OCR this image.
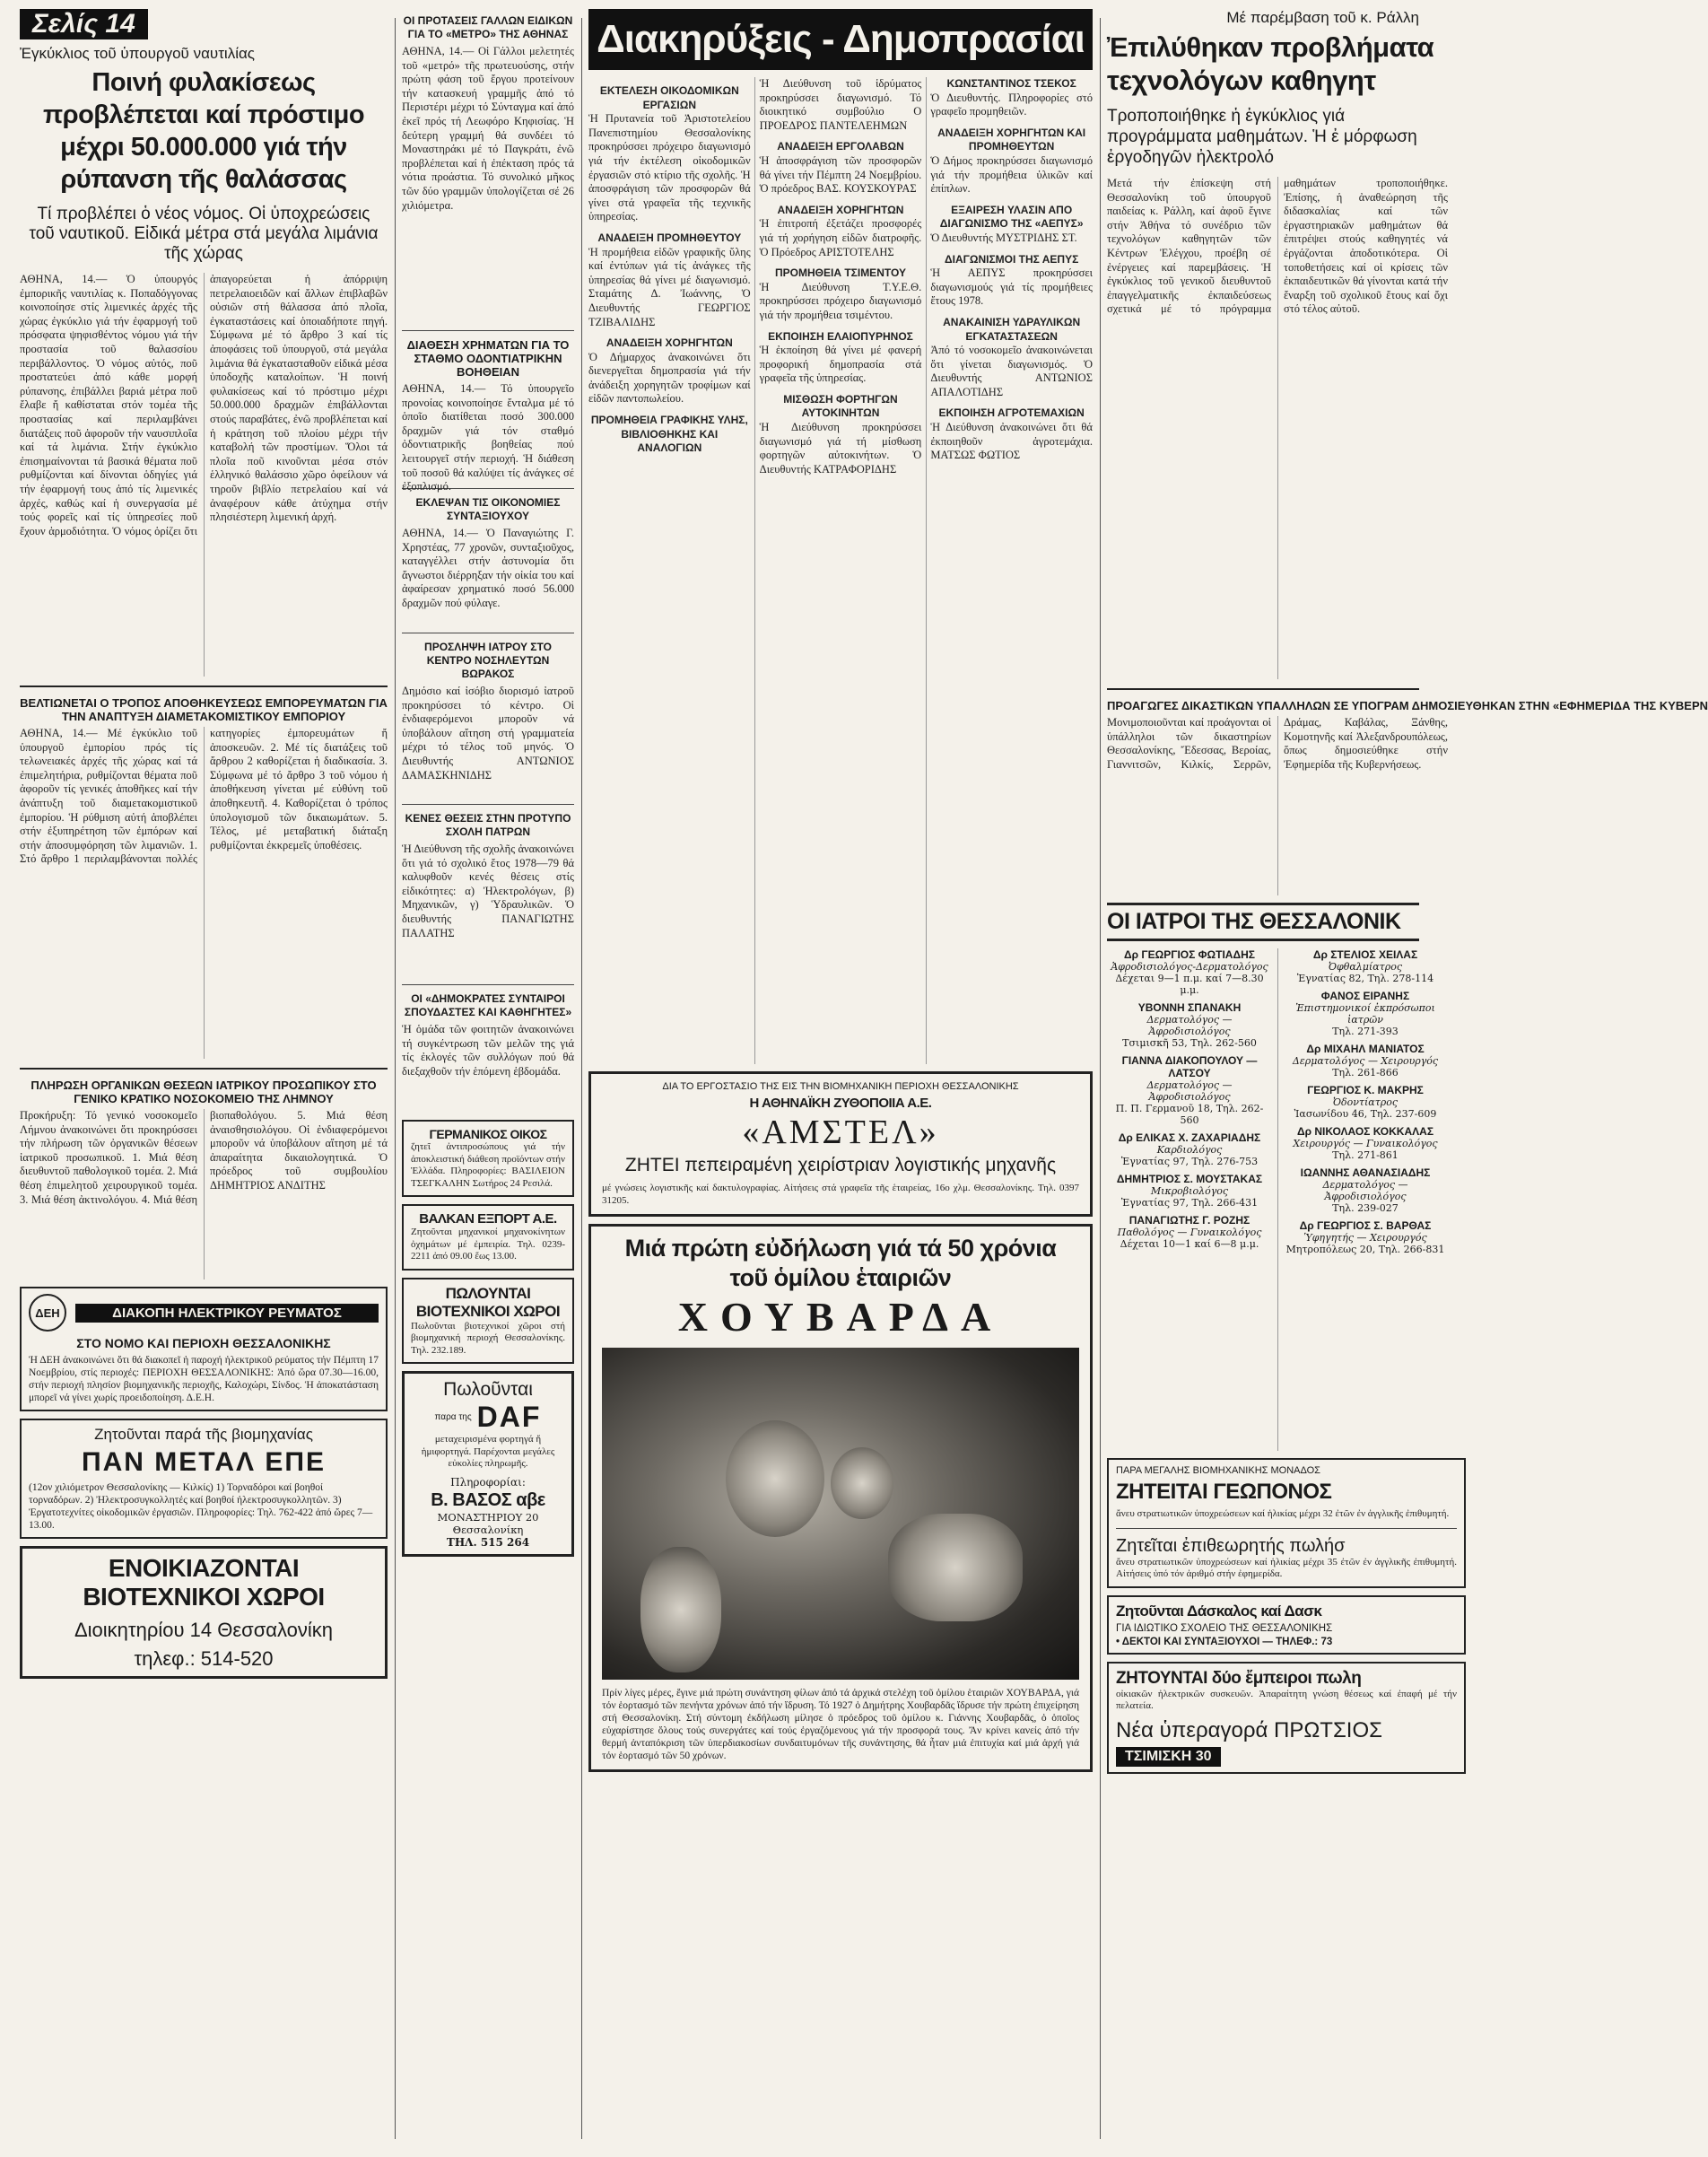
Σελίς 14
Ἐγκύκλιος τοῦ ὑπουργοῦ ναυτιλίας
Ποινή φυλακίσεως προβλέπεται καί πρόστιμο μέχρι 50.000.000 γιά τήν ρύπανση τῆς θαλάσσας
Τί προβλέπει ὁ νέος νόμος. Οἱ ὑποχρεώσεις τοῦ ναυτικοῦ. Εἰδικά μέτρα στά μεγάλα λιμάνια τῆς χώρας
ΑΘΗΝΑ, 14.— Ὁ ὑπουργός ἐμπορικῆς ναυτιλίας κ. Ποπαδόγγονας κοινοποίησε στίς λιμενικές ἀρχές τῆς χώρας ἐγκύκλιο γιά τήν ἐφαρμογή τοῦ πρόσφατα ψηφισθέντος νόμου γιά τήν προστασία τοῦ θαλασσίου περιβάλλοντος. Ὁ νόμος αὐτός, ποῦ προστατεύει ἀπό κάθε μορφή ρύπανσης, ἐπιβάλλει βαριά μέτρα ποῦ ἔλαβε ἤ καθίσταται στόν τομέα τῆς προστασίας καί περιλαμβάνει διατάξεις ποῦ ἀφοροῦν τήν ναυσιπλοΐα καί τά λιμάνια. Στήν ἐγκύκλιο ἐπισημαίνονται τά βασικά θέματα ποῦ ρυθμίζονται καί δίνονται ὁδηγίες γιά τήν ἐφαρμογή τους ἀπό τίς λιμενικές ἀρχές, καθώς καί ἡ συνεργασία μέ τούς φορεῖς καί τίς ὑπηρεσίες ποῦ ἔχουν ἁρμοδιότητα. Ὁ νόμος ὁρίζει ὅτι ἀπαγορεύεται ἡ ἀπόρριψη πετρελαιοειδῶν καί ἄλλων ἐπιβλαβῶν οὐσιῶν στή θάλασσα ἀπό πλοῖα, ἐγκαταστάσεις καί ὁποιαδήποτε πηγή. Σύμφωνα μέ τό ἄρθρο 3 καί τίς ἀποφάσεις τοῦ ὑπουργοῦ, στά μεγάλα λιμάνια θά ἐγκατασταθοῦν εἰδικά μέσα ὑποδοχῆς καταλοίπων. Ἡ ποινή φυλακίσεως καί τό πρόστιμο μέχρι 50.000.000 δραχμῶν ἐπιβάλλονται στούς παραβάτες, ἐνῶ προβλέπεται καί ἡ κράτηση τοῦ πλοίου μέχρι τήν καταβολή τῶν προστίμων. Ὅλοι τά πλοῖα ποῦ κινοῦνται μέσα στόν ἑλληνικό θαλάσσιο χῶρο ὀφείλουν νά τηροῦν βιβλίο πετρελαίου καί νά ἀναφέρουν κάθε ἀτύχημα στήν πλησιέστερη λιμενική ἀρχή.
ΒΕΛΤΙΩΝΕΤΑΙ Ο ΤΡΟΠΟΣ ΑΠΟΘΗΚΕΥΣΕΩΣ ΕΜΠΟΡΕΥΜΑΤΩΝ ΓΙΑ ΤΗΝ ΑΝΑΠΤΥΞΗ ΔΙΑΜΕΤΑΚΟΜΙΣΤΙΚΟΥ ΕΜΠΟΡΙΟΥ
ΑΘΗΝΑ, 14.— Μέ ἐγκύκλιο τοῦ ὑπουργοῦ ἐμπορίου πρός τίς τελωνειακές ἀρχές τῆς χώρας καί τά ἐπιμελητήρια, ρυθμίζονται θέματα ποῦ ἀφοροῦν τίς γενικές ἀποθῆκες καί τήν ἀνάπτυξη τοῦ διαμετακομιστικοῦ ἐμπορίου. Ἡ ρύθμιση αὐτή ἀποβλέπει στήν ἐξυπηρέτηση τῶν ἐμπόρων καί στήν ἀποσυμφόρηση τῶν λιμανιῶν. 1. Στό ἄρθρο 1 περιλαμβάνονται πολλές κατηγορίες ἐμπορευμάτων ἤ ἀποσκευῶν. 2. Μέ τίς διατάξεις τοῦ ἄρθρου 2 καθορίζεται ἡ διαδικασία. 3. Σύμφωνα μέ τό ἄρθρο 3 τοῦ νόμου ἡ ἀποθήκευση γίνεται μέ εὐθύνη τοῦ ἀποθηκευτῆ. 4. Καθορίζεται ὁ τρόπος ὑπολογισμοῦ τῶν δικαιωμάτων. 5. Τέλος, μέ μεταβατική διάταξη ρυθμίζονται ἐκκρεμεῖς ὑποθέσεις.
ΠΛΗΡΩΣΗ ΟΡΓΑΝΙΚΩΝ ΘΕΣΕΩΝ ΙΑΤΡΙΚΟΥ ΠΡΟΣΩΠΙΚΟΥ ΣΤΟ ΓΕΝΙΚΟ ΚΡΑΤΙΚΟ ΝΟΣΟΚΟΜΕΙΟ ΤΗΣ ΛΗΜΝΟΥ
Προκήρυξη: Τό γενικό νοσοκομεῖο Λήμνου ἀνακοινώνει ὅτι προκηρύσσει τήν πλήρωση τῶν ὀργανικῶν θέσεων ἰατρικοῦ προσωπικοῦ. 1. Μιά θέση διευθυντοῦ παθολογικοῦ τομέα. 2. Μιά θέση ἐπιμελητοῦ χειρουργικοῦ τομέα. 3. Μιά θέση ἀκτινολόγου. 4. Μιά θέση βιοπαθολόγου. 5. Μιά θέση ἀναισθησιολόγου. Οἱ ἐνδιαφερόμενοι μποροῦν νά ὑποβάλουν αἴτηση μέ τά ἀπαραίτητα δικαιολογητικά. Ὁ πρόεδρος τοῦ συμβουλίου ΔΗΜΗΤΡΙΟΣ ΑΝΔΙΤΗΣ
ΔΕΗ	ΔΙΑΚΟΠΗ ΗΛΕΚΤΡΙΚΟΥ ΡΕΥΜΑΤΟΣ
ΣΤΟ ΝΟΜΟ ΚΑΙ ΠΕΡΙΟΧΗ ΘΕΣΣΑΛΟΝΙΚΗΣ
Ἡ ΔΕΗ ἀνακοινώνει ὅτι θά διακοπεῖ ἡ παροχή ἠλεκτρικοῦ ρεύματος τήν Πέμπτη 17 Νοεμβρίου, στίς περιοχές: ΠΕΡΙΟΧΗ ΘΕΣΣΑΛΟΝΙΚΗΣ: Ἀπό ὥρα 07.30—16.00, στήν περιοχή πλησίον βιομηχανικῆς περιοχῆς, Καλοχώρι, Σίνδος. Ἡ ἀποκατάσταση μπορεῖ νά γίνει χωρίς προειδοποίηση. Δ.Ε.Η.
Ζητοῦνται παρά τῆς βιομηχανίας
ΠΑΝ ΜΕΤΑΛ ΕΠΕ
(12ον χιλιόμετρον Θεσσαλονίκης — Κιλκίς) 1) Τορναδόροι καί βοηθοί τορναδόρων. 2) Ἠλεκτροσυγκολλητές καί βοηθοί ἠλεκτροσυγκολλητῶν. 3) Ἐργατοτεχνίτες οἰκοδομικῶν ἐργασιῶν. Πληροφορίες: Τηλ. 762-422 ἀπό ὥρες 7—13.00.
ΕΝΟΙΚΙΑΖΟΝΤΑΙ ΒΙΟΤΕΧΝΙΚΟΙ ΧΩΡΟΙ
Διοικητηρίου 14 Θεσσαλονίκη
τηλεφ.: 514-520
ΟΙ ΠΡΟΤΑΣΕΙΣ ΓΑΛΛΩΝ ΕΙΔΙΚΩΝ ΓΙΑ ΤΟ «ΜΕΤΡΟ» ΤΗΣ ΑΘΗΝΑΣ
ΑΘΗΝΑ, 14.— Οἱ Γάλλοι μελετητές τοῦ «μετρό» τῆς πρωτευούσης, στήν πρώτη φάση τοῦ ἔργου προτείνουν τήν κατασκευή γραμμῆς ἀπό τό Περιστέρι μέχρι τό Σύνταγμα καί ἀπό ἐκεῖ πρός τή Λεωφόρο Κηφισίας. Ἡ δεύτερη γραμμή θά συνδέει τό Μοναστηράκι μέ τό Παγκράτι, ἐνῶ προβλέπεται καί ἡ ἐπέκταση πρός τά νότια προάστια. Τό συνολικό μῆκος τῶν δύο γραμμῶν ὑπολογίζεται σέ 26 χιλιόμετρα.
ΔΙΑΘΕΣΗ ΧΡΗΜΑΤΩΝ ΓΙΑ ΤΟ ΣΤΑΘΜΟ ΟΔΟΝΤΙΑΤΡΙΚΗΝ ΒΟΗΘΕΙΑΝ
ΑΘΗΝΑ, 14.— Τό ὑπουργεῖο προνοίας κοινοποίησε ἔνταλμα μέ τό ὁποῖο διατίθεται ποσό 300.000 δραχμῶν γιά τόν σταθμό ὀδοντιατρικῆς βοηθείας πού λειτουργεῖ στήν περιοχή. Ἡ διάθεση τοῦ ποσοῦ θά καλύψει τίς ἀνάγκες σέ ἐξοπλισμό.
ΕΚΛΕΨΑΝ ΤΙΣ ΟΙΚΟΝΟΜΙΕΣ ΣΥΝΤΑΞΙΟΥΧΟΥ
ΑΘΗΝΑ, 14.— Ὁ Παναγιώτης Γ. Χρηστέας, 77 χρονῶν, συνταξιοῦχος, καταγγέλλει στήν ἀστυνομία ὅτι ἄγνωστοι διέρρηξαν τήν οἰκία του καί ἀφαίρεσαν χρηματικό ποσό 56.000 δραχμῶν πού φύλαγε.
ΠΡΟΣΛΗΨΗ ΙΑΤΡΟΥ ΣΤΟ ΚΕΝΤΡΟ ΝΟΣΗΛΕΥΤΩΝ ΒΩΡΑΚΟΣ
Δημόσιο καί ἰσόβιο διορισμό ἰατροῦ προκηρύσσει τό κέντρο. Οἱ ἐνδιαφερόμενοι μποροῦν νά ὑποβάλουν αἴτηση στή γραμματεία μέχρι τό τέλος τοῦ μηνός. Ὁ Διευθυντής ΑΝΤΩΝΙΟΣ ΔΑΜΑΣΚΗΝΙΔΗΣ
ΚΕΝΕΣ ΘΕΣΕΙΣ ΣΤΗΝ ΠΡΟΤΥΠΟ ΣΧΟΛΗ ΠΑΤΡΩΝ
Ἡ Διεύθυνση τῆς σχολῆς ἀνακοινώνει ὅτι γιά τό σχολικό ἔτος 1978—79 θά καλυφθοῦν κενές θέσεις στίς εἰδικότητες: α) Ἠλεκτρολόγων, β) Μηχανικῶν, γ) Ὑδραυλικῶν. Ὁ διευθυντής ΠΑΝΑΓΙΩΤΗΣ ΠΑΛΑΤΗΣ
ΟΙ «ΔΗΜΟΚΡΑΤΕΣ ΣΥΝΤΑΙΡΟΙ ΣΠΟΥΔΑΣΤΕΣ ΚΑΙ ΚΑΘΗΓΗΤΕΣ»
Ἡ ὁμάδα τῶν φοιτητῶν ἀνακοινώνει τή συγκέντρωση τῶν μελῶν της γιά τίς ἐκλογές τῶν συλλόγων πού θά διεξαχθοῦν τήν ἑπόμενη ἑβδομάδα.
ΓΕΡΜΑΝΙΚΟΣ ΟΙΚΟΣ
ζητεῖ ἀντιπροσώπους γιά τήν ἀποκλειστική διάθεση προϊόντων στήν Ἑλλάδα. Πληροφορίες: ΒΑΣΙΛΕΙΟΝ ΤΣΕΓΚΑΛΗΝ Σωτήρος 24 Ρεσιλά.
ΒΑΛΚΑΝ ΕΞΠΟΡΤ Α.Ε.
Ζητοῦνται μηχανικοί μηχανοκίνητων ὀχημάτων μέ ἐμπειρία. Τηλ. 0239-2211 ἀπό 09.00 ἕως 13.00.
ΠΩΛΟΥΝΤΑΙ ΒΙΟΤΕΧΝΙΚΟΙ ΧΩΡΟΙ
Πωλοῦνται βιοτεχνικοί χῶροι στή βιομηχανική περιοχή Θεσσαλονίκης. Τηλ. 232.189.
Πωλοῦνται
παρα της DAF
μεταχειρισμένα φορτηγά ἤ ἡμιφορτηγά. Παρέχονται μεγάλες εὐκολίες πληρωμῆς.
Πληροφορίαι:
Β. ΒΑΣΟΣ αβε
ΜΟΝΑΣΤΗΡΙΟΥ 20 Θεσσαλονίκη
ΤΗΛ. 515 264
Διακηρύξεις - Δημοπρασίαι
ΕΚΤΕΛΕΣΗ ΟΙΚΟΔΟΜΙΚΩΝ ΕΡΓΑΣΙΩΝ
Ἡ Πρυτανεία τοῦ Ἀριστοτελείου Πανεπιστημίου Θεσσαλονίκης προκηρύσσει πρόχειρο διαγωνισμό γιά τήν ἐκτέλεση οἰκοδομικῶν ἐργασιῶν στό κτίριο τῆς σχολῆς. Ἡ ἀποσφράγιση τῶν προσφορῶν θά γίνει στά γραφεῖα τῆς τεχνικῆς ὑπηρεσίας.
ΑΝΑΔΕΙΞΗ ΠΡΟΜΗΘΕΥΤΟΥ
Ἡ προμήθεια εἰδῶν γραφικῆς ὕλης καί ἐντύπων γιά τίς ἀνάγκες τῆς ὑπηρεσίας θά γίνει μέ διαγωνισμό. Σταμάτης Δ. Ἰωάννης, Ὁ Διευθυντής ΓΕΩΡΓΙΟΣ ΤΖΙΒΑΛΙΔΗΣ
ΑΝΑΔΕΙΞΗ ΧΟΡΗΓΗΤΩΝ
Ὁ Δήμαρχος ἀνακοινώνει ὅτι διενεργεῖται δημοπρασία γιά τήν ἀνάδειξη χορηγητῶν τροφίμων καί εἰδῶν παντοπωλείου.
ΠΡΟΜΗΘΕΙΑ ΓΡΑΦΙΚΗΣ ΥΛΗΣ, ΒΙΒΛΙΟΘΗΚΗΣ ΚΑΙ ΑΝΑΛΟΓΙΩΝ
Ἡ Διεύθυνση τοῦ ἱδρύματος προκηρύσσει διαγωνισμό. Τό διοικητικό συμβούλιο Ο ΠΡΟΕΔΡΟΣ ΠΑΝΤΕΛΕΗΜΩΝ
ΑΝΑΔΕΙΞΗ ΕΡΓΟΛΑΒΩΝ
Ἡ ἀποσφράγιση τῶν προσφορῶν θά γίνει τήν Πέμπτη 24 Νοεμβρίου. Ὁ πρόεδρος ΒΑΣ. ΚΟΥΣΚΟΥΡΑΣ
ΑΝΑΔΕΙΞΗ ΧΟΡΗΓΗΤΩΝ
Ἡ ἐπιτροπή ἐξετάζει προσφορές γιά τή χορήγηση εἰδῶν διατροφῆς. Ὁ Πρόεδρος ΑΡΙΣΤΟΤΕΛΗΣ
ΠΡΟΜΗΘΕΙΑ ΤΣΙΜΕΝΤΟΥ
Ἡ Διεύθυνση Τ.Υ.Ε.Θ. προκηρύσσει πρόχειρο διαγωνισμό γιά τήν προμήθεια τσιμέντου.
ΕΚΠΟΙΗΣΗ ΕΛΑΙΟΠΥΡΗΝΟΣ
Ἡ ἐκποίηση θά γίνει μέ φανερή προφορική δημοπρασία στά γραφεῖα τῆς ὑπηρεσίας.
ΜΙΣΘΩΣΗ ΦΟΡΤΗΓΩΝ ΑΥΤΟΚΙΝΗΤΩΝ
Ἡ Διεύθυνση προκηρύσσει διαγωνισμό γιά τή μίσθωση φορτηγῶν αὐτοκινήτων. Ὁ Διευθυντής ΚΑΤΡΑΦΟΡΙΔΗΣ
ΚΩΝΣΤΑΝΤΙΝΟΣ ΤΣΕΚΟΣ
Ὁ Διευθυντής. Πληροφορίες στό γραφεῖο προμηθειῶν.
ΑΝΑΔΕΙΞΗ ΧΟΡΗΓΗΤΩΝ ΚΑΙ ΠΡΟΜΗΘΕΥΤΩΝ
Ὁ Δήμος προκηρύσσει διαγωνισμό γιά τήν προμήθεια ὑλικῶν καί ἐπίπλων.
ΕΞΑΙΡΕΣΗ ΥΛΑΣΙΝ ΑΠΟ ΔΙΑΓΩΝΙΣΜΟ ΤΗΣ «ΑΕΠΥΣ»
Ὁ Διευθυντής ΜΥΣΤΡΙΔΗΣ ΣΤ.
ΔΙΑΓΩΝΙΣΜΟΙ ΤΗΣ ΑΕΠΥΣ
Ἡ ΑΕΠΥΣ προκηρύσσει διαγωνισμούς γιά τίς προμήθειες ἔτους 1978.
ΑΝΑΚΑΙΝΙΣΗ ΥΔΡΑΥΛΙΚΩΝ ΕΓΚΑΤΑΣΤΑΣΕΩΝ
Ἀπό τό νοσοκομεῖο ἀνακοινώνεται ὅτι γίνεται διαγωνισμός. Ὁ Διευθυντής ΑΝΤΩΝΙΟΣ ΑΠΑΛΟΤΙΔΗΣ
ΕΚΠΟΙΗΣΗ ΑΓΡΟΤΕΜΑΧΙΩΝ
Ἡ Διεύθυνση ἀνακοινώνει ὅτι θά ἐκποιηθοῦν ἀγροτεμάχια. ΜΑΤΣΩΣ ΦΩΤΙΟΣ
ΔΙΑ ΤΟ ΕΡΓΟΣΤΑΣΙΟ ΤΗΣ ΕΙΣ ΤΗΝ ΒΙΟΜΗΧΑΝΙΚΗ ΠΕΡΙΟΧΗ ΘΕΣΣΑΛΟΝΙΚΗΣ
Η ΑΘΗΝΑΪΚΗ ΖΥΘΟΠΟΙΙΑ Α.Ε.
«ΑΜΣΤΕΛ»
ΖΗΤΕΙ πεπειραμένη χειρίστριαν λογιστικής μηχανῆς
μέ γνώσεις λογιστικῆς καί δακτυλογραφίας. Αἰτήσεις στά γραφεῖα τῆς ἑταιρείας, 16ο χλμ. Θεσσαλονίκης. Τηλ. 0397 31205.
Μιά πρώτη εὐδήλωση γιά τά 50 χρόνια
τοῦ ὁμίλου ἑταιριῶν
ΧΟΥΒΑΡΔΑ
Πρίν λίγες μέρες, ἔγινε μιά πρώτη συνάντηση φίλων ἀπό τά ἀρχικά στελέχη τοῦ ὁμίλου ἑταιριῶν ΧΟΥΒΑΡΔΑ, γιά τόν ἑορτασμό τῶν πενήντα χρόνων ἀπό τήν ἵδρυση. Τό 1927 ὁ Δημήτρης Χουβαρδᾶς ἵδρυσε τήν πρώτη ἐπιχείρηση στή Θεσσαλονίκη. Στή σύντομη ἐκδήλωση μίλησε ὁ πρόεδρος τοῦ ὁμίλου κ. Γιάννης Χουβαρδᾶς, ὁ ὁποῖος εὐχαρίστησε ὅλους τούς συνεργάτες καί τούς ἐργαζόμενους γιά τήν προσφορά τους. Ἄν κρίνει κανείς ἀπό τήν θερμή ἀνταπόκριση τῶν ὑπερδιακοσίων συνδαιτυμόνων τῆς συνάντησης, θά ἦταν μιά ἐπιτυχία καί μιά ἀρχή γιά τόν ἑορτασμό τῶν 50 χρόνων.
Μέ παρέμβαση τοῦ κ. Ράλλη
Ἐπιλύθηκαν προβλήματα τεχνολόγων καθηγητ
Τροποποιήθηκε ἡ ἐγκύκλιος γιά προγράμματα μαθημάτων. Ἡ ἐ μόρφωση ἐργοδηγῶν ἠλεκτρολό
Μετά τήν ἐπίσκεψη στή Θεσσαλονίκη τοῦ ὑπουργοῦ παιδείας κ. Ράλλη, καί ἀφοῦ ἔγινε στήν Ἀθήνα τό συνέδριο τῶν τεχνολόγων καθηγητῶν τῶν Κέντρων Ἐλέγχου, προέβη σέ ἐνέργειες καί παρεμβάσεις. Ἡ ἐγκύκλιος τοῦ γενικοῦ διευθυντοῦ ἐπαγγελματικῆς ἐκπαιδεύσεως σχετικά μέ τό πρόγραμμα μαθημάτων τροποποιήθηκε. Ἐπίσης, ἡ ἀναθεώρηση τῆς διδασκαλίας καί τῶν ἐργαστηριακῶν μαθημάτων θά ἐπιτρέψει στούς καθηγητές νά ἐργάζονται ἀποδοτικότερα. Οἱ τοποθετήσεις καί οἱ κρίσεις τῶν ἐκπαιδευτικῶν θά γίνονται κατά τήν ἔναρξη τοῦ σχολικοῦ ἔτους καί ὄχι στό τέλος αὐτοῦ.
ΠΡΟΑΓΩΓΕΣ ΔΙΚΑΣΤΙΚΩΝ ΥΠΑΛΛΗΛΩΝ ΣΕ ΥΠΟΓΡΑΜ ΔΗΜΟΣΙΕΥΘΗΚΑΝ ΣΤΗΝ «ΕΦΗΜΕΡΙΔΑ ΤΗΣ ΚΥΒΕΡΝ
Μονιμοποιοῦνται καί προάγονται οἱ ὑπάλληλοι τῶν δικαστηρίων Θεσσαλονίκης, Ἔδεσσας, Βεροίας, Γιαννιτσῶν, Κιλκίς, Σερρῶν, Δράμας, Καβάλας, Ξάνθης, Κομοτηνῆς καί Ἀλεξανδρουπόλεως, ὅπως δημοσιεύθηκε στήν Ἐφημερίδα τῆς Κυβερνήσεως.
ΟΙ ΙΑΤΡΟΙ ΤΗΣ ΘΕΣΣΑΛΟΝΙΚ
Δρ ΓΕΩΡΓΙΟΣ ΦΩΤΙΑΔΗΣ
Ἀφροδισιολόγος-Δερματολόγος
Δέχεται 9—1 π.μ. καί 7—8.30 μ.μ.
ΥΒΟΝΝΗ ΣΠΑΝΑΚΗ
Δερματολόγος — Ἀφροδισιολόγος
Τσιμισκῆ 53, Τηλ. 262-560
ΓΙΑΝΝΑ ΔΙΑΚΟΠΟΥΛΟΥ — ΛΑΤΣΟΥ
Δερματολόγος — Ἀφροδισιολόγος
Π. Π. Γερμανοῦ 18, Τηλ. 262-560
Δρ ΕΛΙΚΑΣ Χ. ΖΑΧΑΡΙΑΔΗΣ
Καρδιολόγος
Ἐγνατίας 97, Τηλ. 276-753
ΔΗΜΗΤΡΙΟΣ Σ. ΜΟΥΣΤΑΚΑΣ
Μικροβιολόγος
Ἐγνατίας 97, Τηλ. 266-431
ΠΑΝΑΓΙΩΤΗΣ Γ. ΡΟΖΗΣ
Παθολόγος — Γυναικολόγος
Δέχεται 10—1 καί 6—8 μ.μ.
Δρ ΣΤΕΛΙΟΣ ΧΕΙΛΑΣ
Ὀφθαλμίατρος
Ἐγνατίας 82, Τηλ. 278-114
ΦΑΝΟΣ ΕΙΡΑΝΗΣ
Ἐπιστημονικοί ἐκπρόσωποι ἰατρῶν
Τηλ. 271-393
Δρ ΜΙΧΑΗΛ ΜΑΝΙΑΤΟΣ
Δερματολόγος — Χειρουργός
Τηλ. 261-866
ΓΕΩΡΓΙΟΣ Κ. ΜΑΚΡΗΣ
Ὀδοντίατρος
Ἰασωνίδου 46, Τηλ. 237-609
Δρ ΝΙΚΟΛΑΟΣ ΚΟΚΚΑΛΑΣ
Χειρουργός — Γυναικολόγος
Τηλ. 271-861
ΙΩΑΝΝΗΣ ΑΘΑΝΑΣΙΑΔΗΣ
Δερματολόγος — Ἀφροδισιολόγος
Τηλ. 239-027
Δρ ΓΕΩΡΓΙΟΣ Σ. ΒΑΡΘΑΣ
Ὑφηγητής — Χειρουργός
Μητροπόλεως 20, Τηλ. 266-831
ΠΑΡΑ ΜΕΓΑΛΗΣ ΒΙΟΜΗΧΑΝΙΚΗΣ ΜΟΝΑΔΟΣ
ΖΗΤΕΙΤΑΙ ΓΕΩΠΟΝΟΣ
ἄνευ στρατιωτικῶν ὑποχρεώσεων καί ἡλικίας μέχρι 32 ἐτῶν ἐν ἀγγλικῆς ἐπιθυμητή.
Ζητεῖται ἐπιθεωρητής πωλήσ
ἄνευ στρατιωτικῶν ὑποχρεώσεων καί ἡλικίας μέχρι 35 ἐτῶν ἐν ἀγγλικῆς ἐπιθυμητή. Αἰτήσεις ὑπό τόν ἀριθμό στήν ἐφημερίδα.
Ζητοῦνται Δάσκαλος καί Δασκ
ΓΙΑ ΙΔΙΩΤΙΚΟ ΣΧΟΛΕΙΟ ΤΗΣ ΘΕΣΣΑΛΟΝΙΚΗΣ
• ΔΕΚΤΟΙ ΚΑΙ ΣΥΝΤΑΞΙΟΥΧΟΙ — ΤΗΛΕΦ.: 73
ΖΗΤΟΥΝΤΑΙ δύο ἔμπειροι πωλη
οἰκιακῶν ἠλεκτρικῶν συσκευῶν. Ἀπαραίτητη γνώση θέσεως καί ἐπαφή μέ τήν πελατεία.
Νέα ὑπεραγορά ΠΡΩΤΣΙΟΣ
ΤΣΙΜΙΣΚΗ 30
